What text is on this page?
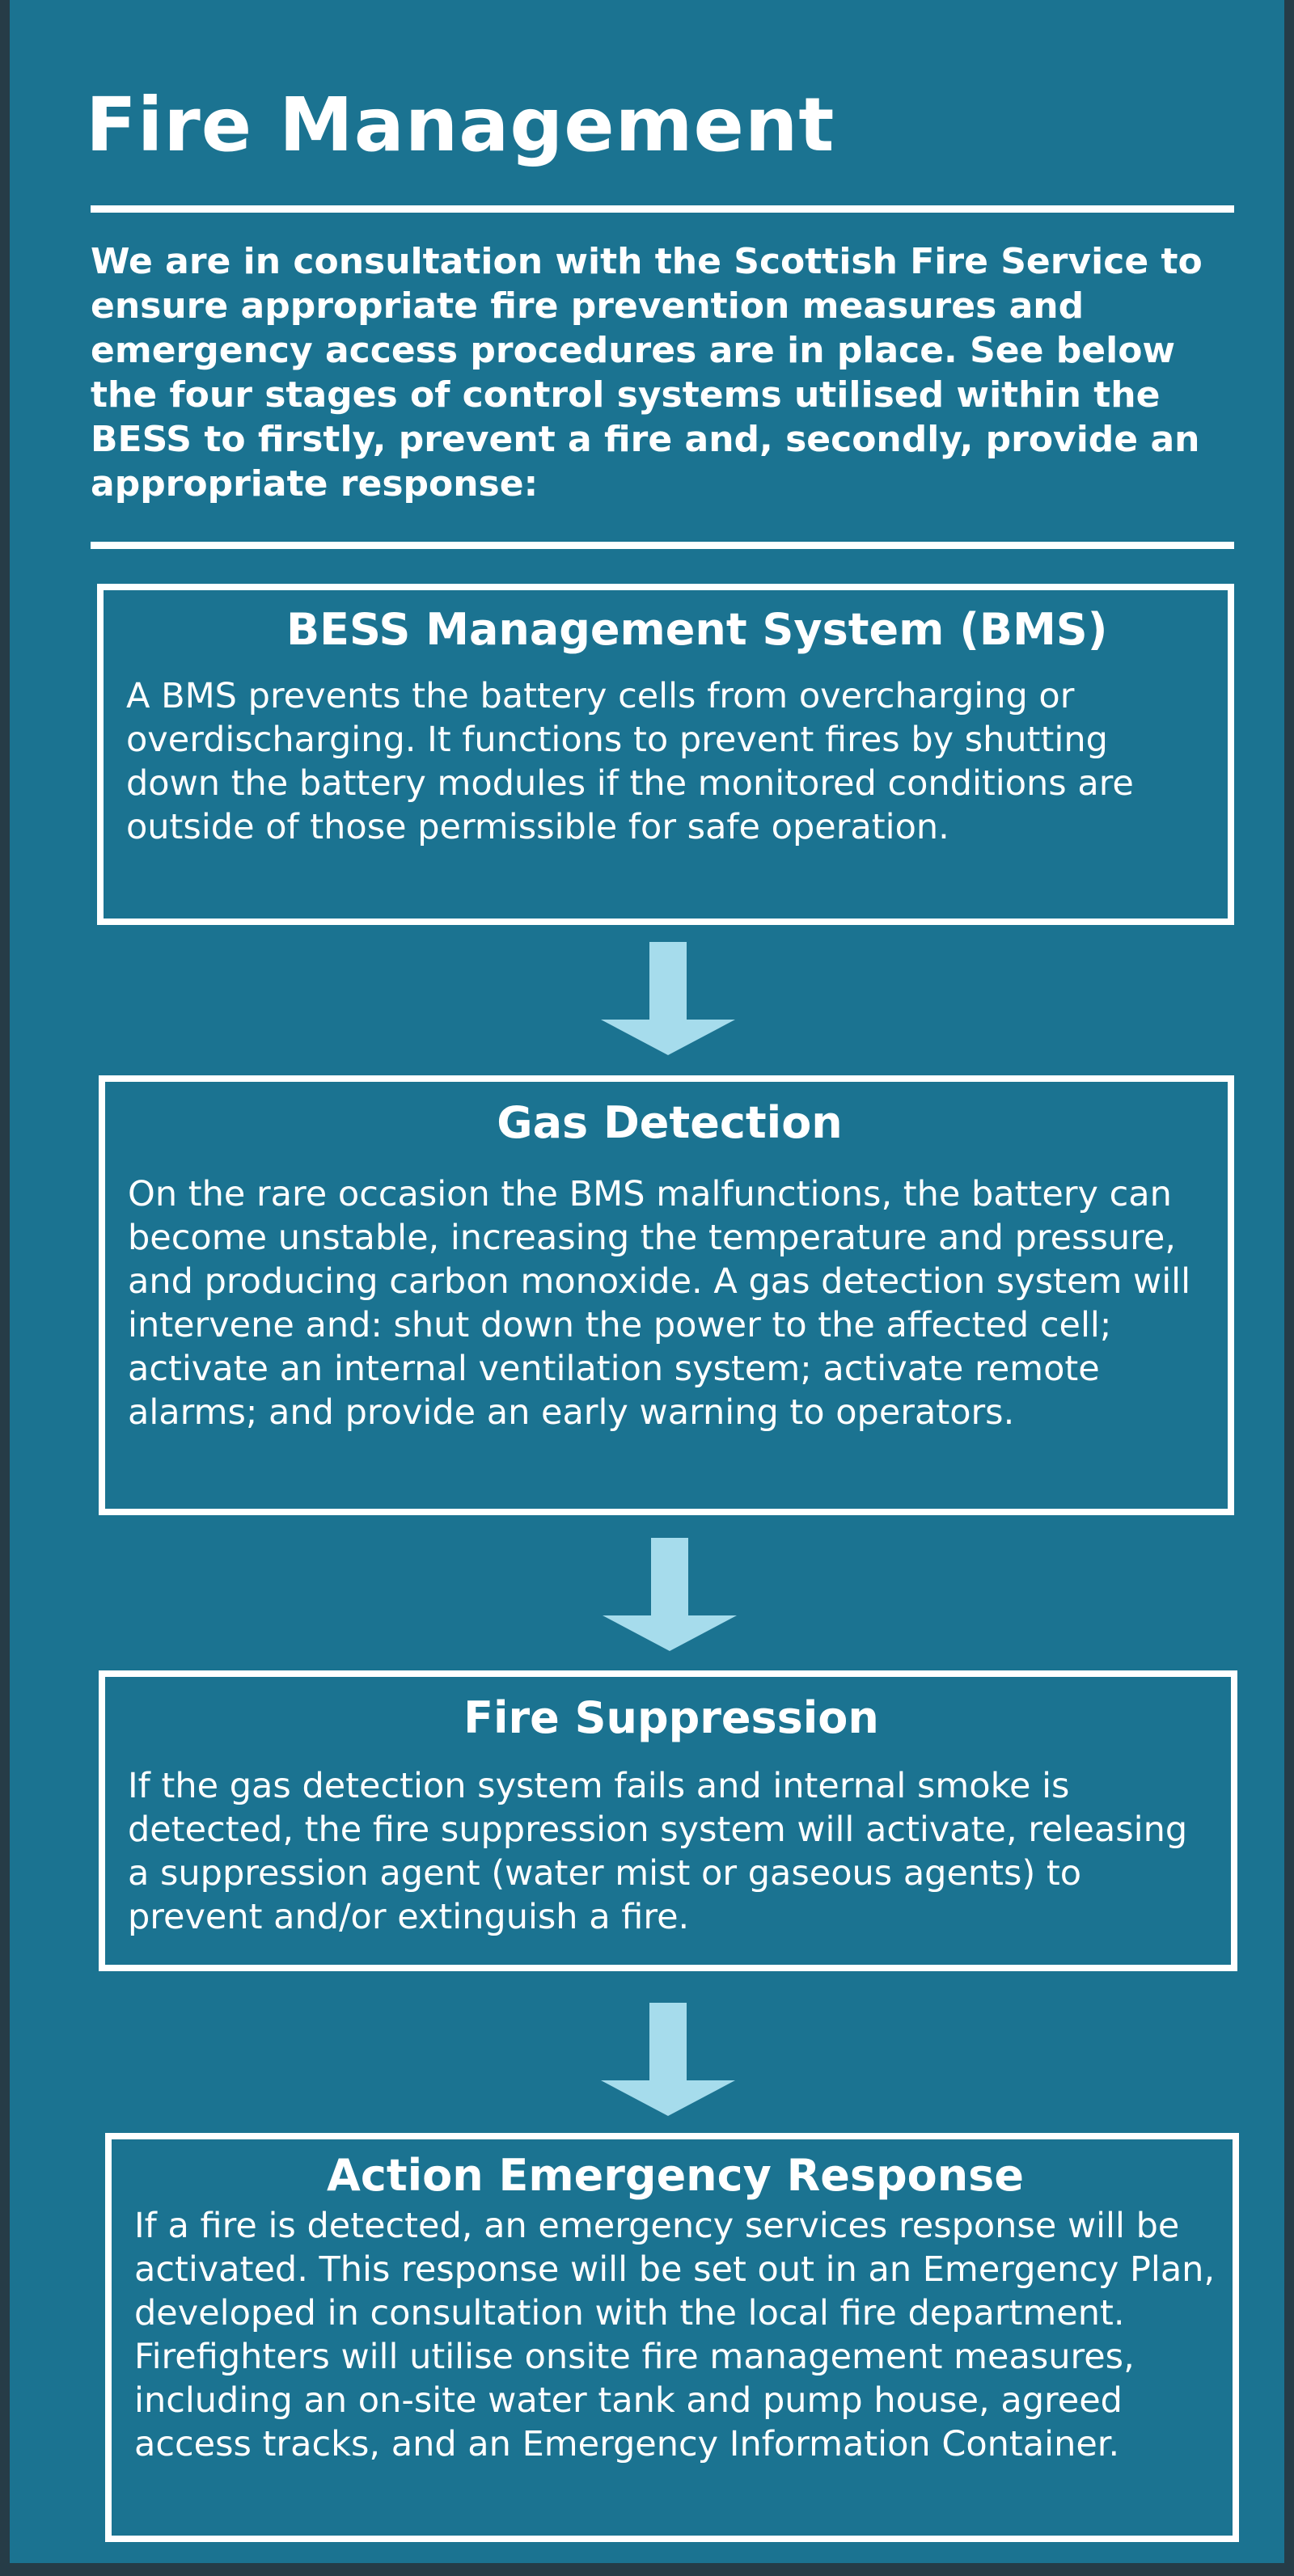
Fire Management

We are in consultation with the Scottish Fire Service to ensure appropriate fire prevention measures and emergency access procedures are in place. See below the four stages of control systems utilised within the BESS to firstly, prevent a fire and, secondly, provide an appropriate response:

BESS Management System (BMS)

A BMS prevents the battery cells from overcharging or overdischarging. It functions to prevent fires by shutting down the battery modules if the monitored conditions are outside of those permissible for safe operation.

Gas Detection

On the rare occasion the BMS malfunctions, the battery can become unstable, increasing the temperature and pressure, and producing carbon monoxide. A gas detection system will intervene and: shut down the power to the affected cell; activate an internal ventilation system; activate remote alarms; and provide an early warning to operators.

Fire Suppression

If the gas detection system fails and internal smoke is detected, the fire suppression system will activate, releasing a suppression agent (water mist or gaseous agents) to prevent and/or extinguish a fire.

Action Emergency Response

If a fire is detected, an emergency services response will be activated. This response will be set out in an Emergency Plan, developed in consultation with the local fire department. Firefighters will utilise onsite fire management measures, including an on-site water tank and pump house, agreed access tracks, and an Emergency Information Container.
